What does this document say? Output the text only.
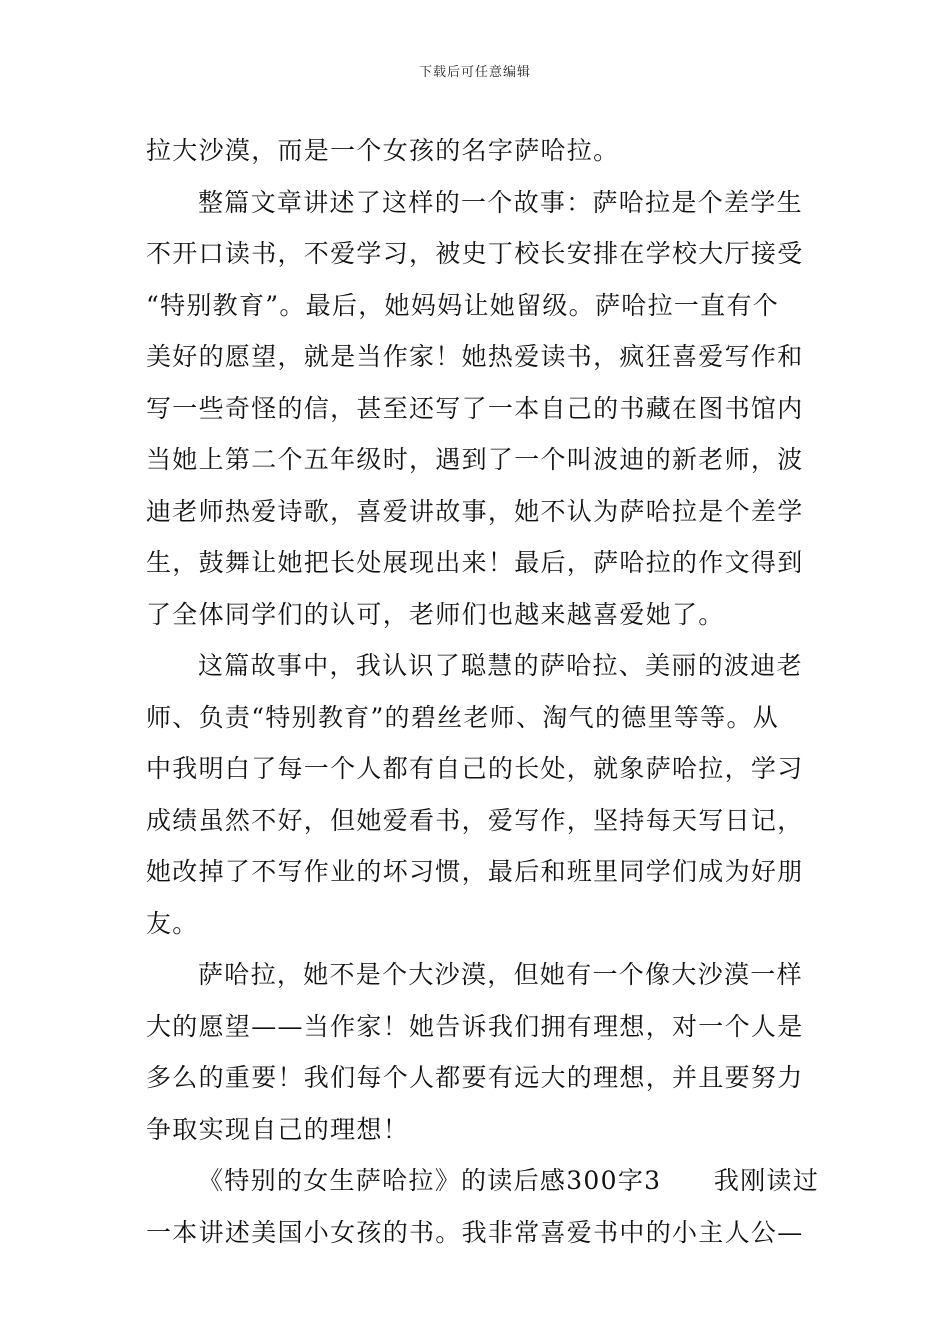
下载后可任意编辑
拉大沙漠，而是一个女孩的名字萨哈拉。
整篇文章讲述了这样的一个故事：萨哈拉是个差学生
不开口读书，不爱学习，被史丁校长安排在学校大厅接受
“特别教育”。最后，她妈妈让她留级。萨哈拉一直有个
美好的愿望，就是当作家！她热爱读书，疯狂喜爱写作和
写一些奇怪的信，甚至还写了一本自己的书藏在图书馆内
当她上第二个五年级时，遇到了一个叫波迪的新老师，波
迪老师热爱诗歌，喜爱讲故事，她不认为萨哈拉是个差学
生，鼓舞让她把长处展现出来！最后，萨哈拉的作文得到
了全体同学们的认可，老师们也越来越喜爱她了。
这篇故事中，我认识了聪慧的萨哈拉、美丽的波迪老
师、负责“特别教育”的碧丝老师、淘气的德里等等。从
中我明白了每一个人都有自己的长处，就象萨哈拉，学习
成绩虽然不好，但她爱看书，爱写作，坚持每天写日记，
她改掉了不写作业的坏习惯，最后和班里同学们成为好朋
友。
萨哈拉，她不是个大沙漠，但她有一个像大沙漠一样
大的愿望——当作家！她告诉我们拥有理想，对一个人是
多么的重要！我们每个人都要有远大的理想，并且要努力
争取实现自己的理想！
《特别的女生萨哈拉》的读后感300字3　　我刚读过
一本讲述美国小女孩的书。我非常喜爱书中的小主人公—
